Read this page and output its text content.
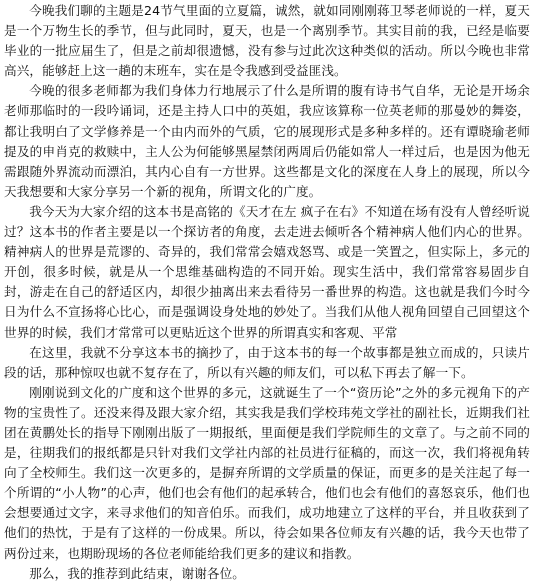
今晚我们聊的主题是24节气里面的立夏篇，诚然，就如同刚刚蒋卫琴老师说的一样，夏天是一个万物生长的季节，但与此同时，夏天，也是一个离别季节。其实目前的我，已经是临要毕业的一批应届生了，但是之前却很遗憾，没有参与过此次这种类似的活动。所以今晚也非常高兴，能够赶上这一趟的末班车，实在是令我感到受益匪浅。

今晚的很多老师都为我们身体力行地展示了什么是所谓的腹有诗书气自华，无论是开场余老师那临时的一段吟诵词，还是主持人口中的英姐，我应该算称一位英老师的那曼妙的舞姿，都让我明白了文学修养是一个由内而外的气质，它的展现形式是多种多样的。还有谭晓瑜老师提及的申肖克的救赎中，主人公为何能够黑屋禁闭两周后仍能如常人一样过后，也是因为他无需跟随外界流动而漂泊，其内心自有一方世界。这些都是文化的深度在人身上的展现，所以今天我想要和大家分享另一个新的视角，所谓文化的广度。

我今天为大家介绍的这本书是高铭的《天才在左 疯子在右》不知道在场有没有人曾经听说过？这本书的作者主要是以一个探访者的角度，去走进去倾听各个精神病人他们内心的世界。精神病人的世界是荒谬的、奇异的，我们常常会嬉戏怒骂、或是一笑置之，但实际上，多元的开创，很多时候，就是从一个思维基础构造的不同开始。现实生活中，我们常常容易固步自封，游走在自己的舒适区内，却很少抽离出来去看待另一番世界的构造。这也就是我们今时今日为什么不宣扬将心比心，而是强调设身处地的妙处了。当我们从他人视角回望自己回望这个世界的时候，我们才常常可以更贴近这个世界的所谓真实和客观、平常

在这里，我就不分享这本书的摘抄了，由于这本书的每一个故事都是独立而成的，只读片段的话，那种惊叹也就不复存在了，所以有兴趣的师友们，可以私下再去了解一下。

刚刚说到文化的广度和这个世界的多元，这就诞生了一个“资历论”之外的多元视角下的产物的宝贵性了。还没来得及跟大家介绍，其实我是我们学校玮苑文学社的副社长，近期我们社团在黄鹏处长的指导下刚刚出版了一期报纸，里面便是我们学院师生的文章了。与之前不同的是，往期我们的报纸都是只针对我们文学社内部的社员进行征稿的，而这一次，我们将视角转向了全校师生。我们这一次更多的，是摒弃所谓的文学质量的保证，而更多的是关注起了每一个所谓的“小人物”的心声，他们也会有他们的起承转合，他们也会有他们的喜怒哀乐，他们也会想要通过文字，来寻求他们的知音伯乐。而我们，成功地建立了这样的平台，并且收获到了他们的热忱，于是有了这样的一份成果。所以，待会如果各位师友有兴趣的话，我今天也带了两份过来，也期盼现场的各位老师能给我们更多的建议和指教。

那么，我的推荐到此结束，谢谢各位。
